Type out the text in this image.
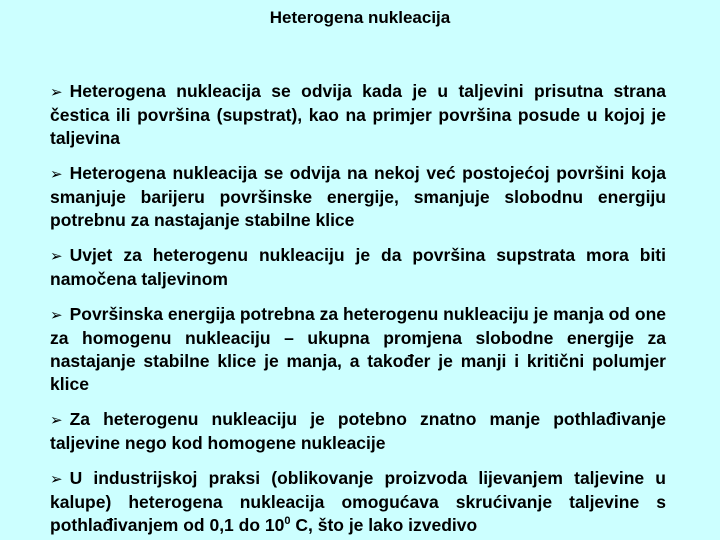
Heterogena nukleacija
➢ Heterogena nukleacija se odvija kada je u taljevini prisutna strana čestica ili površina (supstrat), kao na primjer površina posude u kojoj je taljevina
➢ Heterogena nukleacija se odvija na nekoj već postojećoj površini koja smanjuje barijeru površinske energije, smanjuje slobodnu energiju potrebnu za nastajanje stabilne klice
➢ Uvjet za heterogenu nukleaciju je da površina supstrata mora biti namočena taljevinom
➢ Površinska energija potrebna za heterogenu nukleaciju je manja od one za homogenu nukleaciju – ukupna promjena slobodne energije za nastajanje stabilne klice je manja, a također je manji i kritični polumjer klice
➢ Za heterogenu nukleaciju je potebno znatno manje pothlađivanje taljevine nego kod homogene nukleacije
➢ U industrijskoj praksi (oblikovanje proizvoda lijevanjem taljevine u kalupe) heterogena nukleacija omogućava skrućivanje taljevine s pothlađivanjem od 0,1 do $10^0$ C, što je lako izvedivo
